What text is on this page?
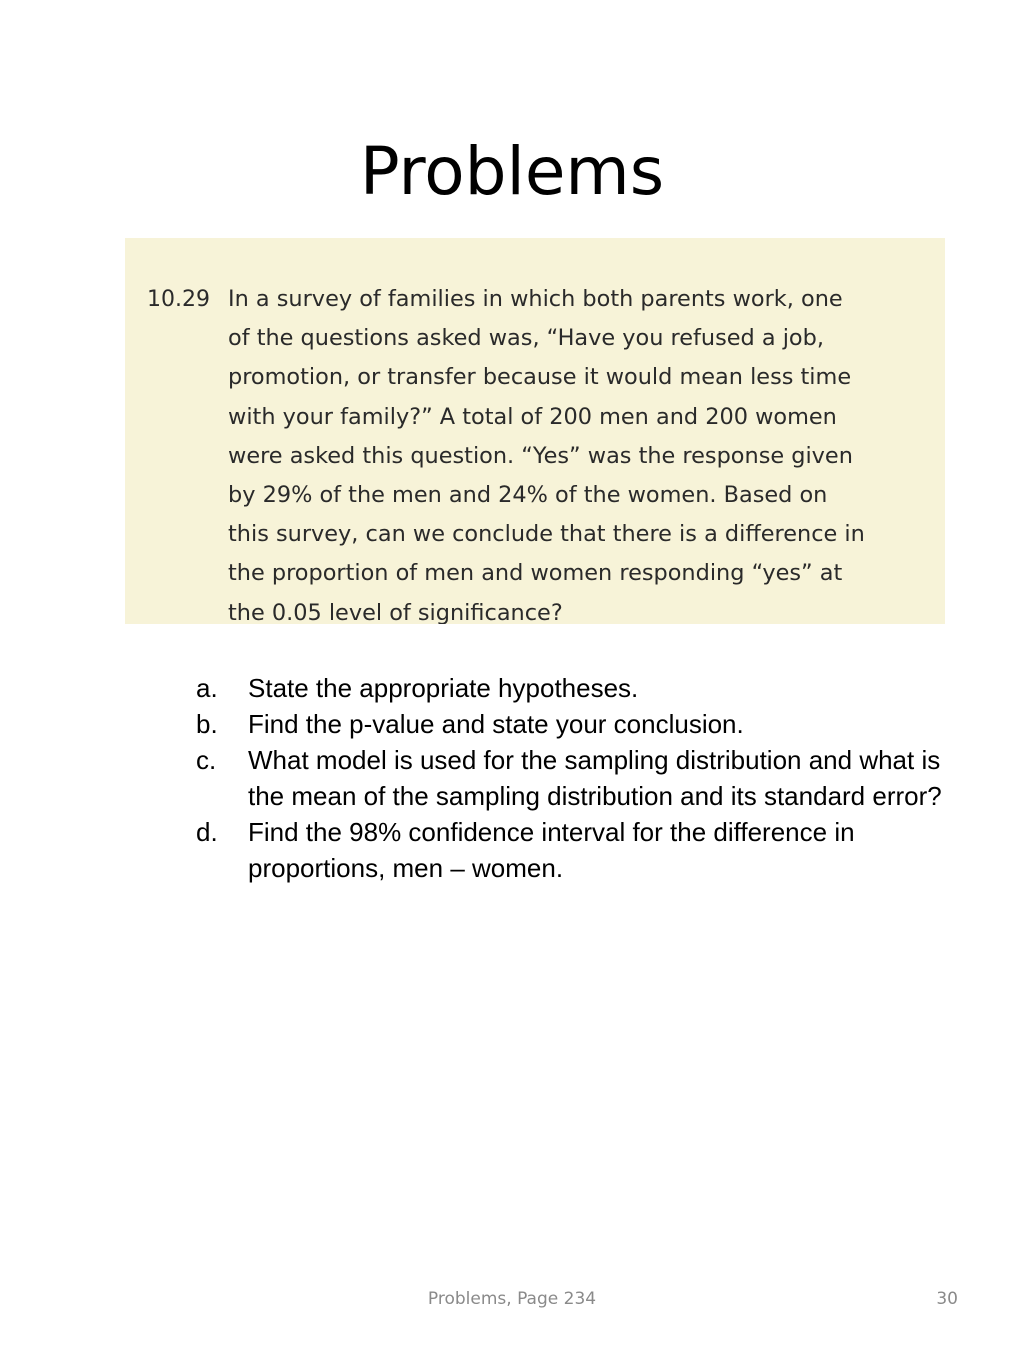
Problems
10.29 In a survey of families in which both parents work, one
of the questions asked was, “Have you refused a job,
promotion, or transfer because it would mean less time
with your family?” A total of 200 men and 200 women
were asked this question. “Yes” was the response given
by 29% of the men and 24% of the women. Based on
this survey, can we conclude that there is a difference in
the proportion of men and women responding “yes” at
the 0.05 level of significance?

a. State the appropriate hypotheses.
b. Find the p-value and state your conclusion.
c. What model is used for the sampling distribution and what is the mean of the sampling distribution and its standard error?
d. Find the 98% confidence interval for the difference in proportions, men – women.
Problems, Page 234	30
